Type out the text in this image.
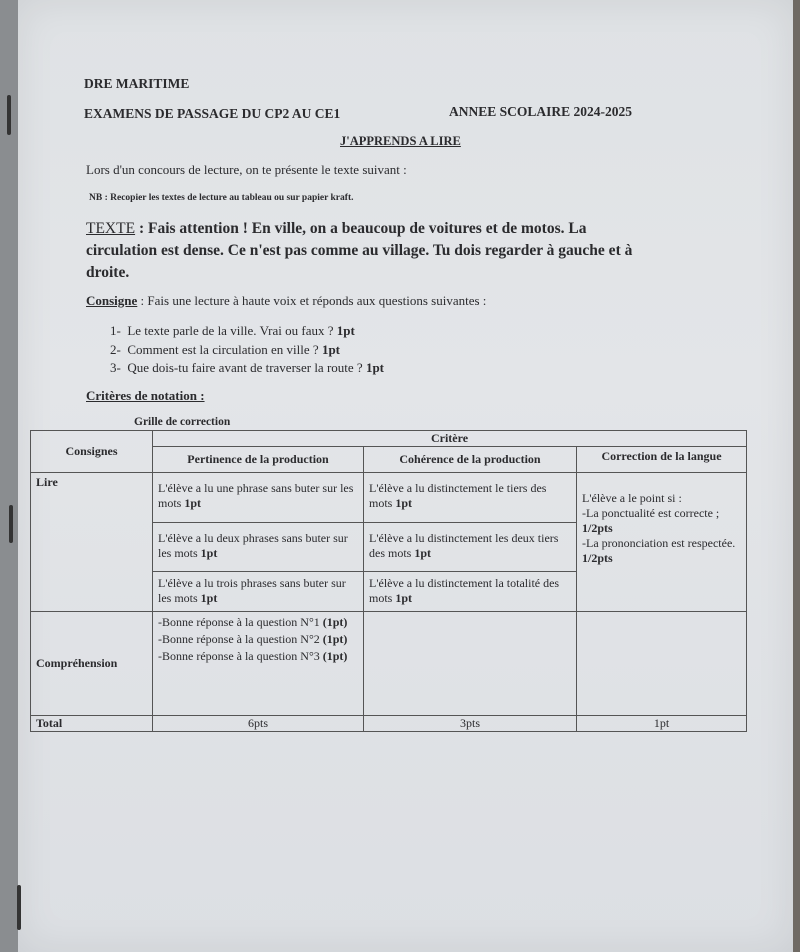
DRE MARITIME
EXAMENS DE PASSAGE DU CP2 AU CE1	ANNEE SCOLAIRE 2024-2025
J'APPRENDS A LIRE
Lors d'un concours de lecture, on te présente le texte suivant :
NB : Recopier les textes de lecture au tableau ou sur papier kraft.
TEXTE : Fais attention ! En ville, on a beaucoup de voitures et de motos. La
circulation est dense. Ce n'est pas comme au village. Tu dois regarder à gauche et à
droite.
Consigne : Fais une lecture à haute voix et réponds aux questions suivantes :
1- Le texte parle de la ville. Vrai ou faux ? 1pt
2- Comment est la circulation en ville ? 1pt
3- Que dois-tu faire avant de traverser la route ? 1pt
Critères de notation :
Grille de correction
Consignes	Critère		
	Pertinence de la production	Cohérence de la production	Correction de la langue
Lire	L'élève a lu une phrase sans buter sur les mots 1pt	L'élève a lu distinctement le tiers des mots 1pt	L'élève a le point si :
-La ponctualité est correcte ; 1/2pts
-La prononciation est respectée. 1/2pts
	L'élève a lu deux phrases sans buter sur les mots 1pt	L'élève a lu distinctement les deux tiers des mots 1pt	
	L'élève a lu trois phrases sans buter sur les mots 1pt	L'élève a lu distinctement la totalité des mots 1pt	
Compréhension	-Bonne réponse à la question N°1 (1pt)
-Bonne réponse à la question N°2 (1pt)
-Bonne réponse à la question N°3 (1pt)		
Total	6pts	3pts	1pt
